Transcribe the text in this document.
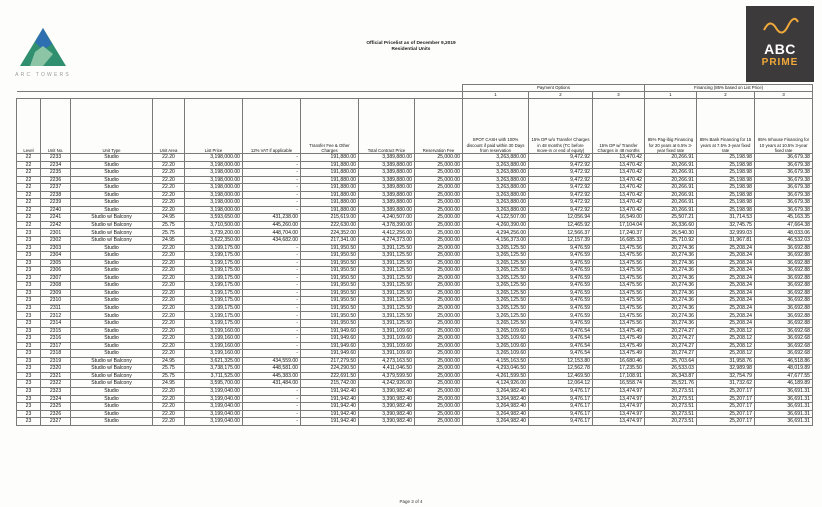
ARC TOWERS
Official Pricelist as of December 9,2019
Residential Units	ABC
PRIME
									Payment Options			Financing (85% based on List Price)		
									1	2	3	1	2	3
Level	Unit No.	Unit Type	Unit Area	List Price	12% VAT if applicable	Transfer Fee & Other Charges	Total Contract Price	Reservation Fee	SPOT CASH with 100% discount if paid within 30 Days from reservation	15% DP w/o Transfer Charges in 48 months (TC before move-in or end of equity)	15% DP w/ Transfer Charges in 48 months	85% Pag-ibig Financing for 20 years at 6.5% 3-year fixed rate	85% Bank Financing for 15 years at 7.5% 3-year fixed rate	85% Inhouse Financing for 10 years at 10.5% 3-year fixed rate
22	2233	Studio	22.20	3,198,000.00	-	191,880.00	3,389,880.00	25,000.00	3,263,880.00	9,472.92	13,470.42	20,266.91	25,198.98	36,679.38
22	2234	Studio	22.20	3,198,000.00	-	191,880.00	3,389,880.00	25,000.00	3,263,880.00	9,472.92	13,470.42	20,266.91	25,198.98	36,679.38
22	2235	Studio	22.20	3,198,000.00	-	191,880.00	3,389,880.00	25,000.00	3,263,880.00	9,472.92	13,470.42	20,266.91	25,198.98	36,679.38
22	2236	Studio	22.20	3,198,000.00	-	191,880.00	3,389,880.00	25,000.00	3,263,880.00	9,472.92	13,470.42	20,266.91	25,198.98	36,679.38
22	2237	Studio	22.20	3,198,000.00	-	191,880.00	3,389,880.00	25,000.00	3,263,880.00	9,472.92	13,470.42	20,266.91	25,198.98	36,679.38
22	2238	Studio	22.20	3,198,000.00	-	191,880.00	3,389,880.00	25,000.00	3,263,880.00	9,472.92	13,470.42	20,266.91	25,198.98	36,679.38
22	2239	Studio	22.20	3,198,000.00	-	191,880.00	3,389,880.00	25,000.00	3,263,880.00	9,472.92	13,470.42	20,266.91	25,198.98	36,679.38
22	2240	Studio	22.20	3,198,000.00	-	191,880.00	3,389,880.00	25,000.00	3,263,880.00	9,472.92	13,470.42	20,266.91	25,198.98	36,679.38
22	2241	Studio w/ Balcony	24.95	3,593,650.00	431,238.00	215,619.00	4,240,507.00	25,000.00	4,122,507.00	12,056.94	16,549.00	25,507.21	31,714.53	45,163.35
22	2242	Studio w/ Balcony	25.75	3,710,500.00	445,260.00	222,630.00	4,378,390.00	25,000.00	4,260,390.00	12,465.92	17,104.04	26,336.60	32,745.75	47,664.38
23	2301	Studio w/ Balcony	25.75	3,739,200.00	448,704.00	224,352.00	4,412,256.00	25,000.00	4,294,256.00	12,566.37	17,240.37	26,540.30	32,999.03	48,033.06
23	2302	Studio w/ Balcony	24.95	3,622,350.00	434,682.00	217,341.00	4,274,373.00	25,000.00	4,156,373.00	12,157.39	16,685.33	25,710.92	31,967.81	46,532.03
23	2303	Studio	22.20	3,199,175.00	-	191,950.50	3,391,125.50	25,000.00	3,265,125.50	9,476.59	13,475.56	20,274.36	25,208.24	36,692.88
23	2304	Studio	22.20	3,199,175.00	-	191,950.50	3,391,125.50	25,000.00	3,265,125.50	9,476.59	13,475.56	20,274.36	25,208.24	36,692.88
23	2305	Studio	22.20	3,199,175.00	-	191,950.50	3,391,125.50	25,000.00	3,265,125.50	9,476.59	13,475.56	20,274.36	25,208.24	36,692.88
23	2306	Studio	22.20	3,199,175.00	-	191,950.50	3,391,125.50	25,000.00	3,265,125.50	9,476.59	13,475.56	20,274.36	25,208.24	36,692.88
23	2307	Studio	22.20	3,199,175.00	-	191,950.50	3,391,125.50	25,000.00	3,265,125.50	9,476.59	13,475.56	20,274.36	25,208.24	36,692.88
23	2308	Studio	22.20	3,199,175.00	-	191,950.50	3,391,125.50	25,000.00	3,265,125.50	9,476.59	13,475.56	20,274.36	25,208.24	36,692.88
23	2309	Studio	22.20	3,199,175.00	-	191,950.50	3,391,125.50	25,000.00	3,265,125.50	9,476.59	13,475.56	20,274.36	25,208.24	36,692.88
23	2310	Studio	22.20	3,199,175.00	-	191,950.50	3,391,125.50	25,000.00	3,265,125.50	9,476.59	13,475.56	20,274.36	25,208.24	36,692.88
23	2311	Studio	22.20	3,199,175.00	-	191,950.50	3,391,125.50	25,000.00	3,265,125.50	9,476.59	13,475.56	20,274.36	25,208.24	36,692.88
23	2312	Studio	22.20	3,199,175.00	-	191,950.50	3,391,125.50	25,000.00	3,265,125.50	9,476.59	13,475.56	20,274.36	25,208.24	36,692.88
23	2314	Studio	22.20	3,199,175.00	-	191,950.50	3,391,125.50	25,000.00	3,265,125.50	9,476.59	13,475.56	20,274.36	25,208.24	36,692.88
23	2315	Studio	22.20	3,199,160.00	-	191,949.60	3,391,109.60	25,000.00	3,265,109.60	9,476.54	13,475.49	20,274.27	25,208.12	36,692.68
23	2316	Studio	22.20	3,199,160.00	-	191,949.60	3,391,109.60	25,000.00	3,265,109.60	9,476.54	13,475.49	20,274.27	25,208.12	36,692.68
23	2317	Studio	22.20	3,199,160.00	-	191,949.60	3,391,109.60	25,000.00	3,265,109.60	9,476.54	13,475.49	20,274.27	25,208.12	36,692.68
23	2318	Studio	22.20	3,199,160.00	-	191,949.60	3,391,109.60	25,000.00	3,265,109.60	9,476.54	13,475.49	20,274.27	25,208.12	36,692.68
23	2319	Studio w/ Balcony	24.95	3,621,325.00	434,559.00	217,279.50	4,273,163.50	25,000.00	4,155,163.50	12,153.80	16,680.46	25,703.64	31,958.76	46,518.86
23	2320	Studio w/ Balcony	25.75	3,738,175.00	448,581.00	224,290.50	4,411,046.50	25,000.00	4,293,046.50	12,562.78	17,235.50	26,533.03	32,989.98	48,019.89
23	2321	Studio w/ Balcony	25.75	3,711,525.00	445,383.00	222,691.50	4,379,599.50	25,000.00	4,261,599.50	12,469.50	17,108.91	26,343.87	32,754.79	47,677.55
23	2322	Studio w/ Balcony	24.95	3,595,700.00	431,484.00	215,742.00	4,242,926.00	25,000.00	4,124,926.00	12,064.12	16,558.74	25,521.76	31,732.62	46,189.89
23	2323	Studio	22.20	3,199,040.00	-	191,942.40	3,390,982.40	25,000.00	3,264,982.40	9,476.17	13,474.97	20,273.51	25,207.17	36,691.31
23	2324	Studio	22.20	3,199,040.00	-	191,942.40	3,390,982.40	25,000.00	3,264,982.40	9,476.17	13,474.97	20,273.51	25,207.17	36,691.31
23	2325	Studio	22.20	3,199,040.00	-	191,942.40	3,390,982.40	25,000.00	3,264,982.40	9,476.17	13,474.97	20,273.51	25,207.17	36,691.31
23	2326	Studio	22.20	3,199,040.00	-	191,942.40	3,390,982.40	25,000.00	3,264,982.40	9,476.17	13,474.97	20,273.51	25,207.17	36,691.31
23	2327	Studio	22.20	3,199,040.00	-	191,942.40	3,390,982.40	25,000.00	3,264,982.40	9,476.17	13,474.97	20,273.51	25,207.17	36,691.31
Page 3 of 4
